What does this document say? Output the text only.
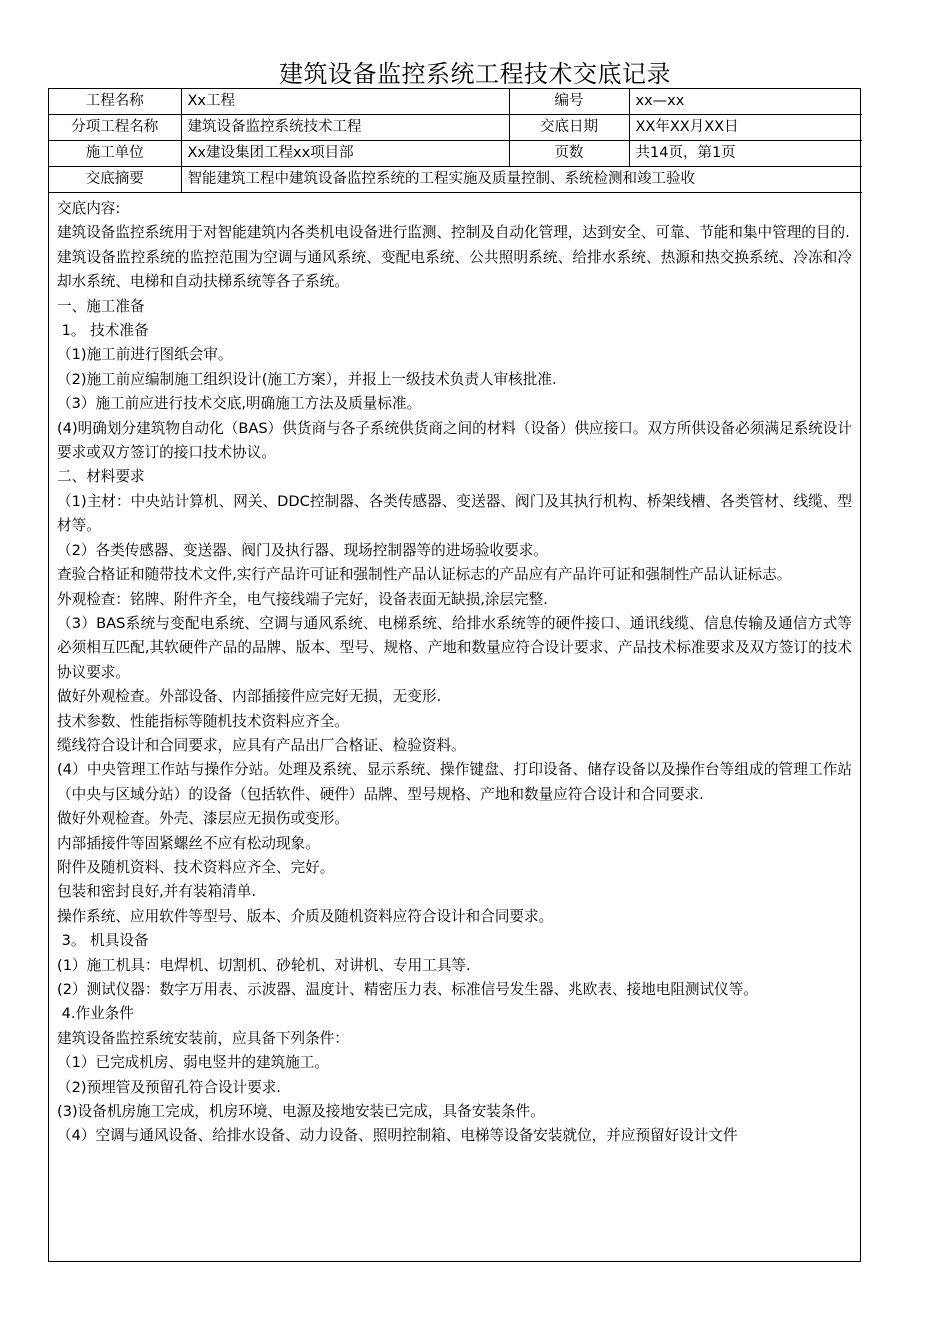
建筑设备监控系统工程技术交底记录
工程名称	Xx工程	编号	xx—xx
分项工程名称	建筑设备监控系统技术工程	交底日期	XX年XX月XX日
施工单位	Xx建设集团工程xx项目部	页数	共14页，第1页
交底摘要	智能建筑工程中建筑设备监控系统的工程实施及质量控制、系统检测和竣工验收		

交底内容:

建筑设备监控系统用于对智能建筑内各类机电设备进行监测、控制及自动化管理，达到安全、可靠、节能和集中管理的目的.

建筑设备监控系统的监控范围为空调与通风系统、变配电系统、公共照明系统、给排水系统、热源和热交换系统、冷冻和冷却水系统、电梯和自动扶梯系统等各子系统。

一、施工准备

1。 技术准备

（1)施工前进行图纸会审。

（2)施工前应编制施工组织设计(施工方案），并报上一级技术负责人审核批准.

（3）施工前应进行技术交底,明确施工方法及质量标准。

(4)明确划分建筑物自动化（BAS）供货商与各子系统供货商之间的材料（设备）供应接口。双方所供设备必须满足系统设计要求或双方签订的接口技术协议。

二、材料要求

（1)主材：中央站计算机、网关、DDC控制器、各类传感器、变送器、阀门及其执行机构、桥架线槽、各类管材、线缆、型材等。

（2）各类传感器、变送器、阀门及执行器、现场控制器等的进场验收要求。

查验合格证和随带技术文件,实行产品许可证和强制性产品认证标志的产品应有产品许可证和强制性产品认证标志。

外观检查：铭牌、附件齐全，电气接线端子完好，设备表面无缺损,涂层完整.

（3）BAS系统与变配电系统、空调与通风系统、电梯系统、给排水系统等的硬件接口、通讯线缆、信息传输及通信方式等必须相互匹配,其软硬件产品的品牌、版本、型号、规格、产地和数量应符合设计要求、产品技术标准要求及双方签订的技术协议要求。

做好外观检查。外部设备、内部插接件应完好无损，无变形.

技术参数、性能指标等随机技术资料应齐全。

缆线符合设计和合同要求，应具有产品出厂合格证、检验资料。

(4）中央管理工作站与操作分站。处理及系统、显示系统、操作键盘、打印设备、储存设备以及操作台等组成的管理工作站（中央与区域分站）的设备（包括软件、硬件）品牌、型号规格、产地和数量应符合设计和合同要求.

做好外观检查。外壳、漆层应无损伤或变形。

内部插接件等固紧螺丝不应有松动现象。

附件及随机资料、技术资料应齐全、完好。

包装和密封良好,并有装箱清单.

操作系统、应用软件等型号、版本、介质及随机资料应符合设计和合同要求。

3。 机具设备

(1）施工机具：电焊机、切割机、砂轮机、对讲机、专用工具等.

(2）测试仪器：数字万用表、示波器、温度计、精密压力表、标准信号发生器、兆欧表、接地电阻测试仪等。

4.作业条件

建筑设备监控系统安装前，应具备下列条件：

（1）已完成机房、弱电竖井的建筑施工。

（2)预埋管及预留孔符合设计要求.

(3)设备机房施工完成，机房环境、电源及接地安装已完成，具备安装条件。

（4）空调与通风设备、给排水设备、动力设备、照明控制箱、电梯等设备安装就位，并应预留好设计文件
